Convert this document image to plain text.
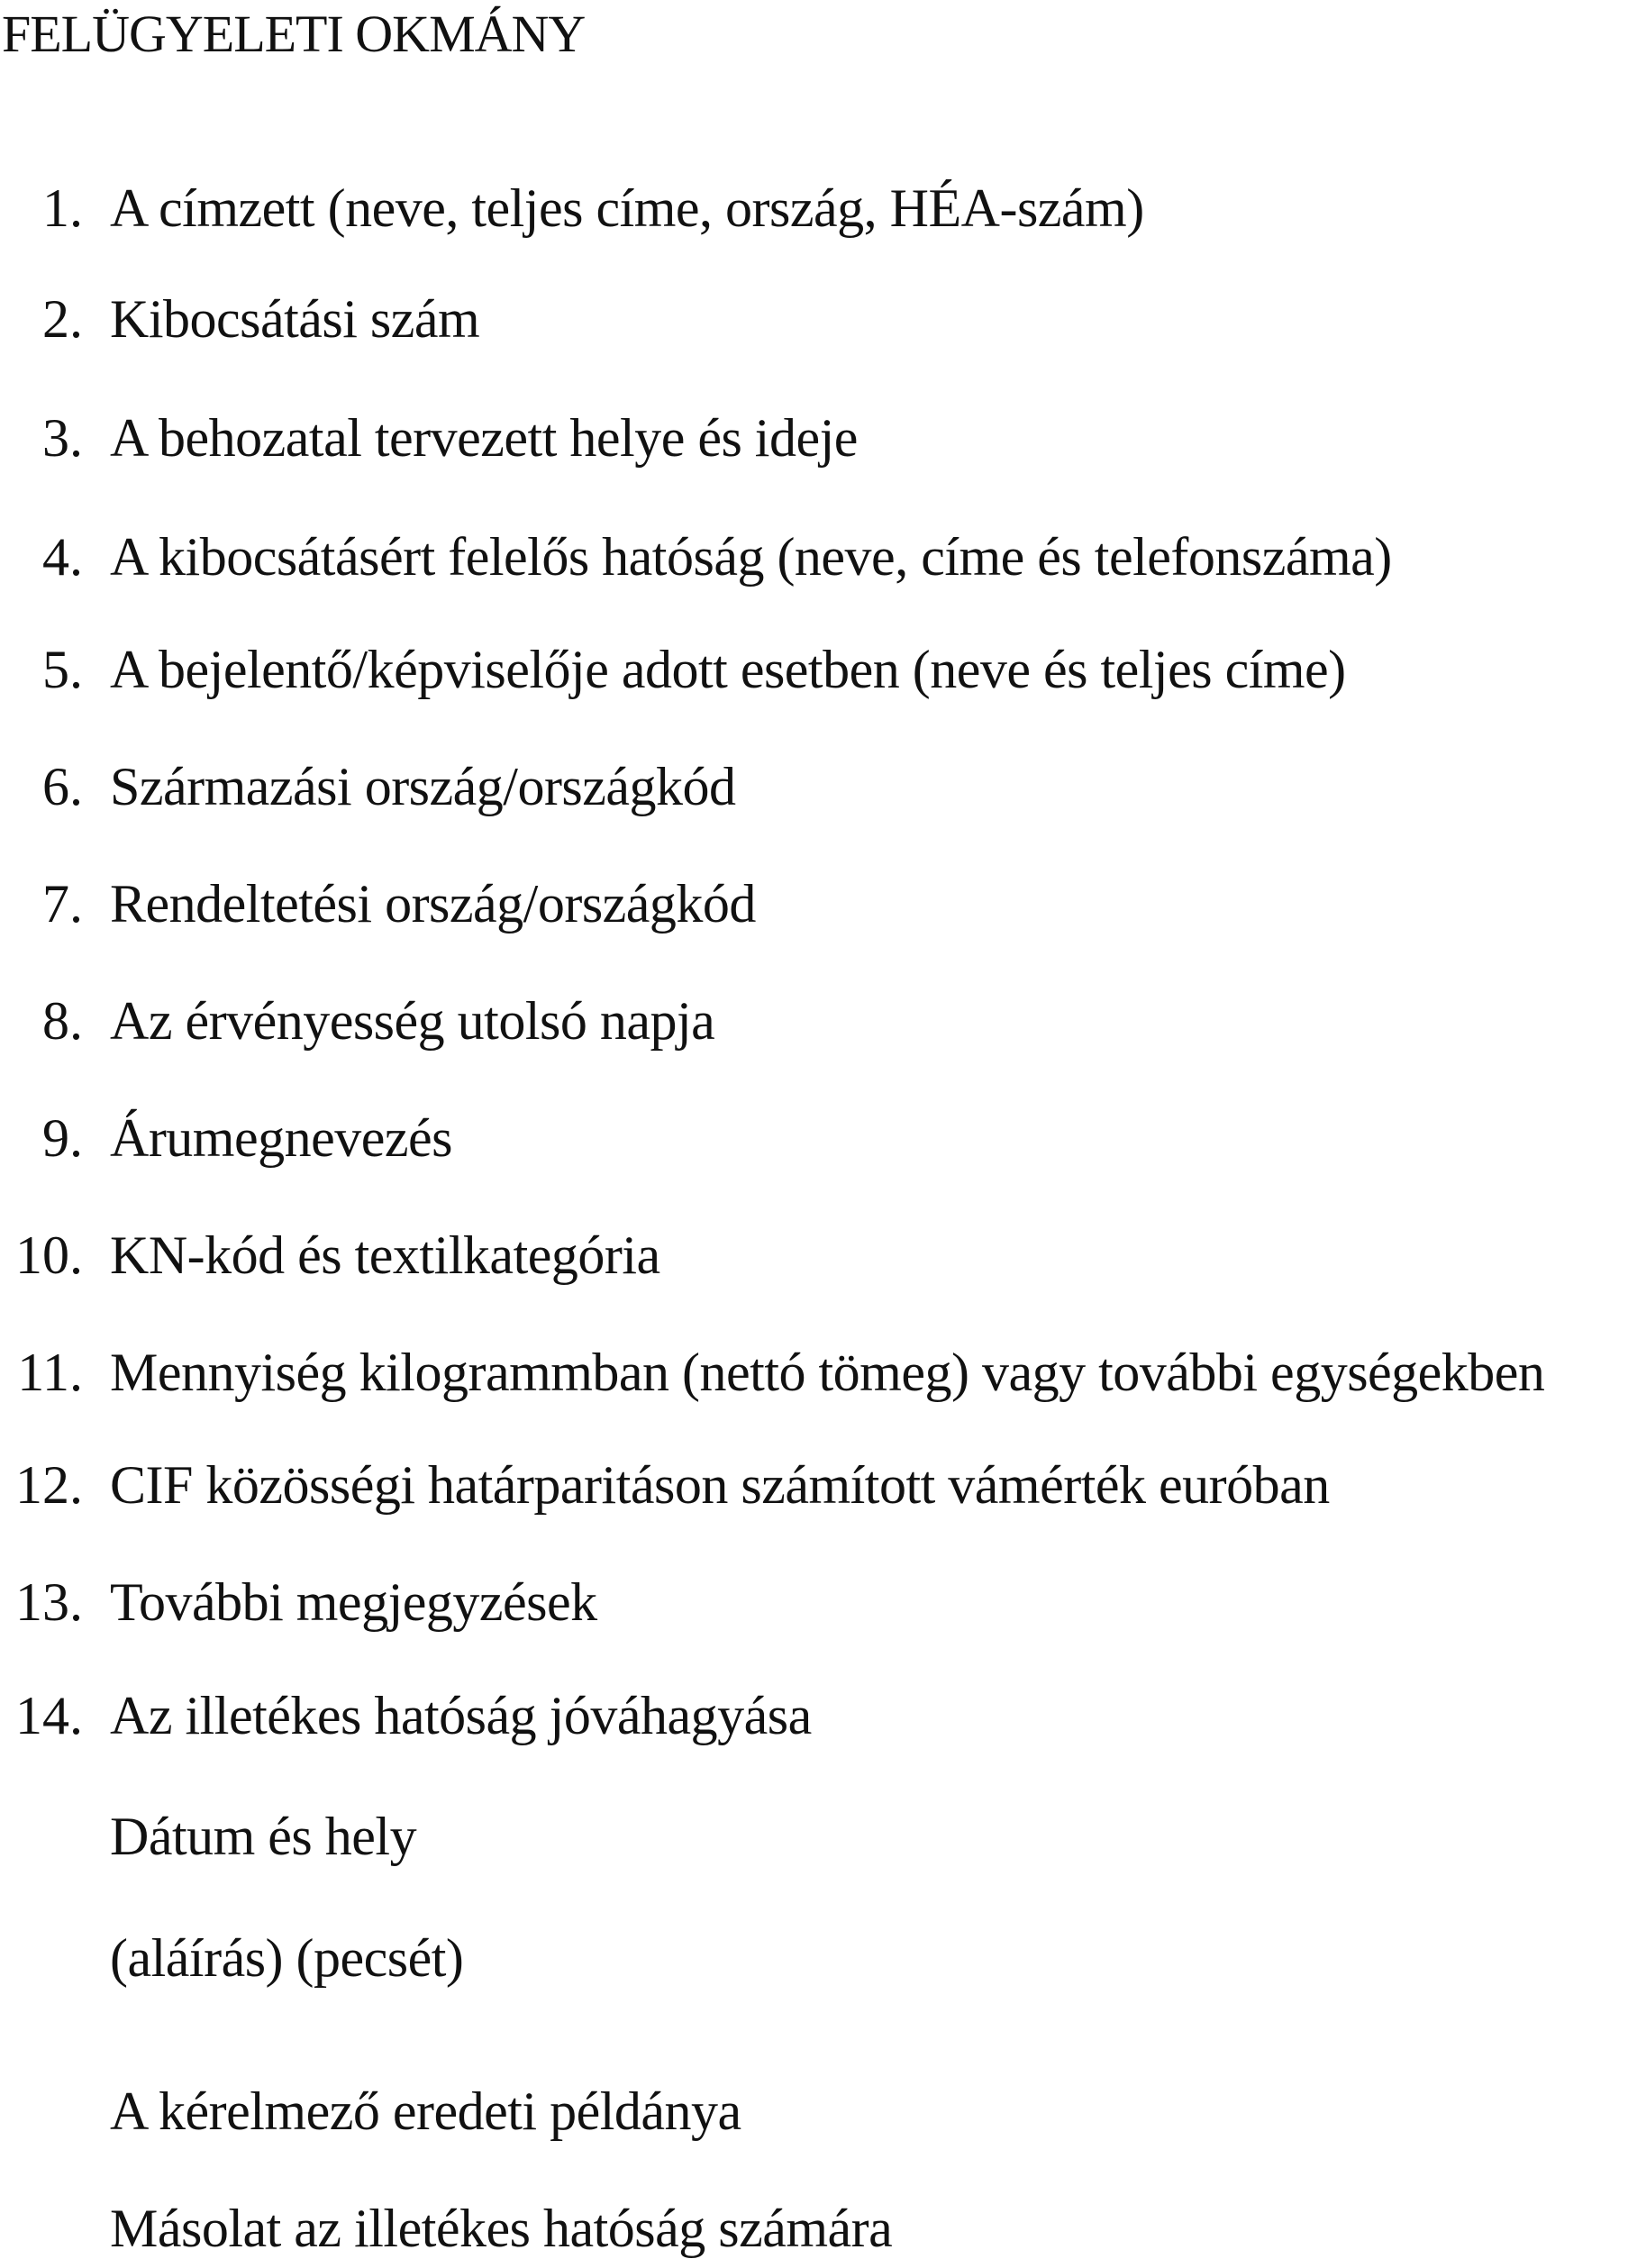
FELÜGYELETI OKMÁNY
1. A címzett (neve, teljes címe, ország, HÉA-szám)
2. Kibocsátási szám
3. A behozatal tervezett helye és ideje
4. A kibocsátásért felelős hatóság (neve, címe és telefonszáma)
5. A bejelentő/képviselője adott esetben (neve és teljes címe)
6. Származási ország/országkód
7. Rendeltetési ország/országkód
8. Az érvényesség utolsó napja
9. Árumegnevezés
10. KN-kód és textilkategória
11. Mennyiség kilogrammban (nettó tömeg) vagy további egységekben
12. CIF közösségi határparitáson számított vámérték euróban
13. További megjegyzések
14. Az illetékes hatóság jóváhagyása
Dátum és hely
(aláírás) (pecsét)
A kérelmező eredeti példánya
Másolat az illetékes hatóság számára
